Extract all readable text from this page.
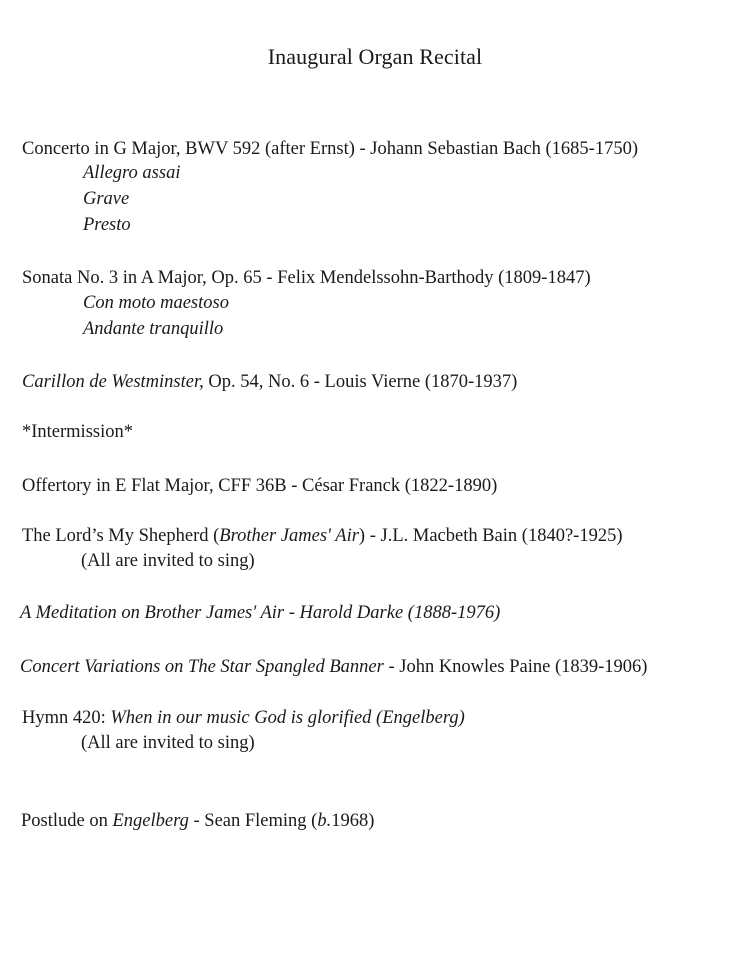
Inaugural Organ Recital
Concerto in G Major, BWV 592 (after Ernst) - Johann Sebastian Bach (1685-1750)
Allegro assai
Grave
Presto
Sonata No. 3 in A Major, Op. 65 - Felix Mendelssohn-Barthody (1809-1847)
Con moto maestoso
Andante tranquillo
Carillon de Westminster, Op. 54, No. 6 - Louis Vierne (1870-1937)
*Intermission*
Offertory in E Flat Major, CFF 36B - César Franck (1822-1890)
The Lord’s My Shepherd (Brother James' Air) - J.L. Macbeth Bain (1840?-1925)
(All are invited to sing)
A Meditation on Brother James' Air - Harold Darke (1888-1976)
Concert Variations on The Star Spangled Banner - John Knowles Paine (1839-1906)
Hymn 420: When in our music God is glorified (Engelberg)
(All are invited to sing)
Postlude on Engelberg - Sean Fleming (b.1968)
